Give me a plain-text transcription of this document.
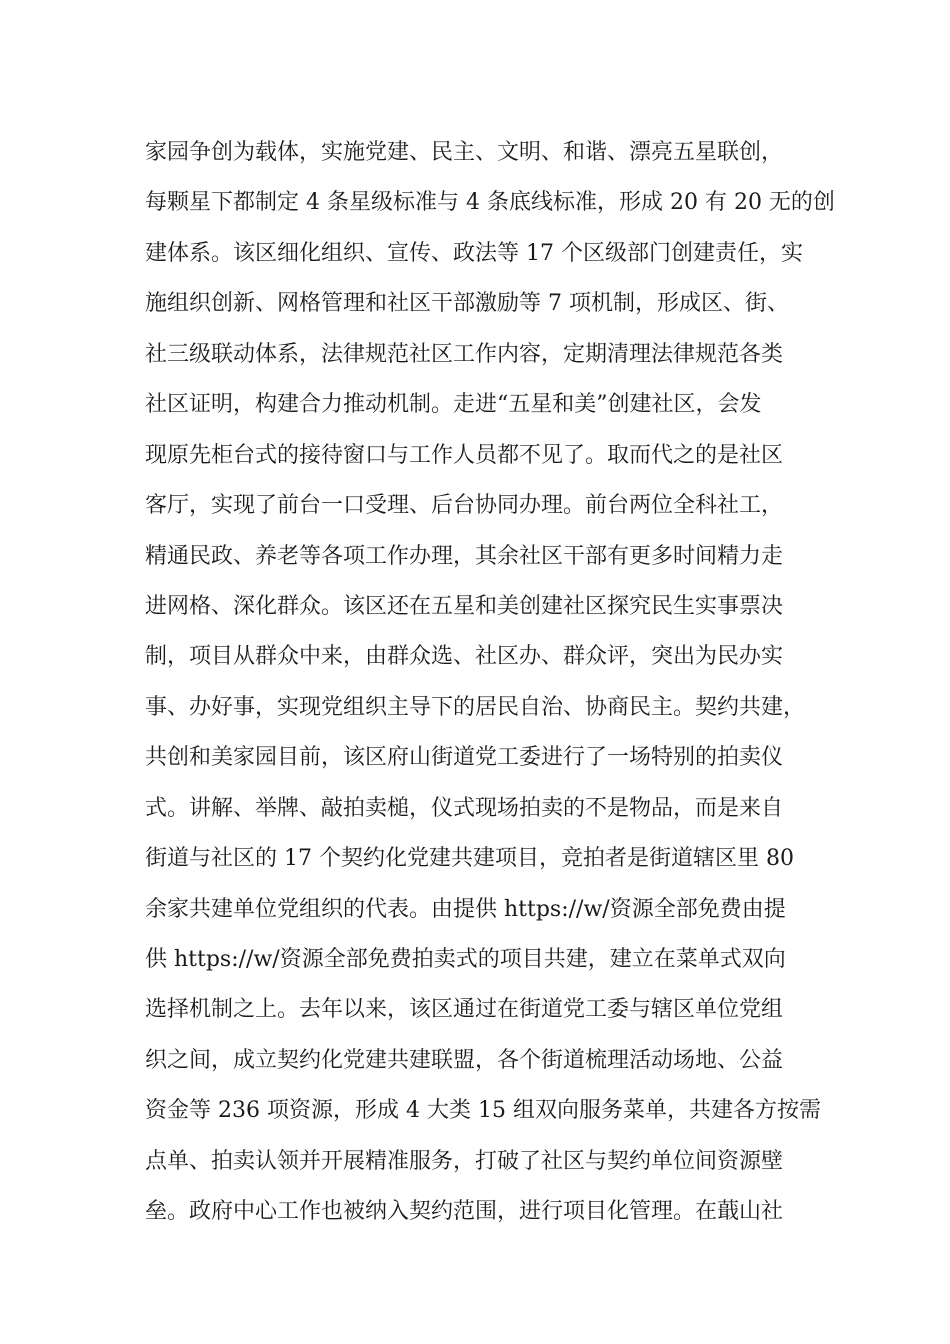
家园争创为载体，实施党建、民主、文明、和谐、漂亮五星联创，
每颗星下都制定 4 条星级标准与 4 条底线标准，形成 20 有 20 无的创
建体系。该区细化组织、宣传、政法等 17 个区级部门创建责任，实
施组织创新、网格管理和社区干部激励等 7 项机制，形成区、街、
社三级联动体系，法律规范社区工作内容，定期清理法律规范各类
社区证明，构建合力推动机制。走进“五星和美”创建社区，会发
现原先柜台式的接待窗口与工作人员都不见了。取而代之的是社区
客厅，实现了前台一口受理、后台协同办理。前台两位全科社工，
精通民政、养老等各项工作办理，其余社区干部有更多时间精力走
进网格、深化群众。该区还在五星和美创建社区探究民生实事票决
制，项目从群众中来，由群众选、社区办、群众评，突出为民办实
事、办好事，实现党组织主导下的居民自治、协商民主。契约共建，
共创和美家园目前，该区府山街道党工委进行了一场特别的拍卖仪
式。讲解、举牌、敲拍卖槌，仪式现场拍卖的不是物品，而是来自
街道与社区的 17 个契约化党建共建项目，竞拍者是街道辖区里 80
余家共建单位党组织的代表。由提供 https://w/资源全部免费由提
供 https://w/资源全部免费拍卖式的项目共建，建立在菜单式双向
选择机制之上。去年以来，该区通过在街道党工委与辖区单位党组
织之间，成立契约化党建共建联盟，各个街道梳理活动场地、公益
资金等 236 项资源，形成 4 大类 15 组双向服务菜单，共建各方按需
点单、拍卖认领并开展精准服务，打破了社区与契约单位间资源壁
垒。政府中心工作也被纳入契约范围，进行项目化管理。在蕺山社
